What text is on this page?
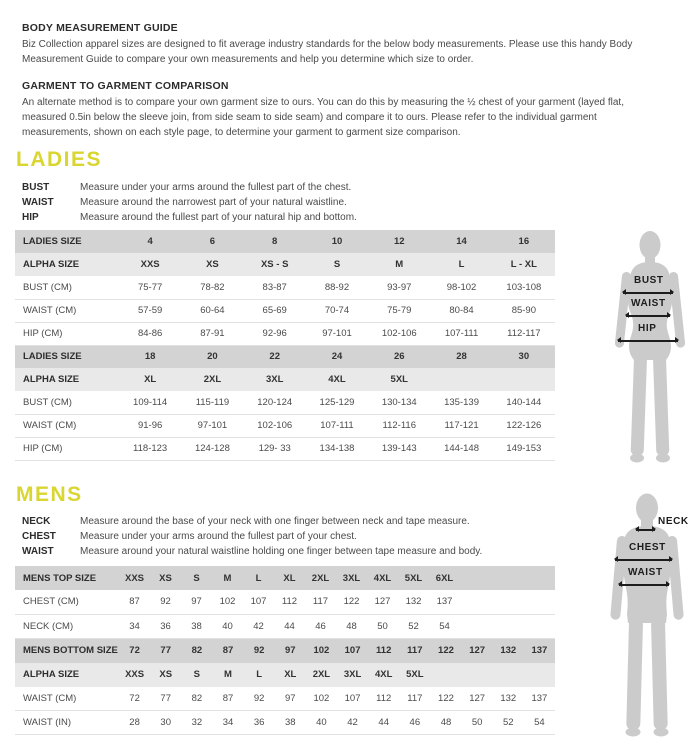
BODY MEASUREMENT GUIDE

Biz Collection apparel sizes are designed to fit average industry standards for the below body measurements. Please use this handy Body Measurement Guide to compare your own measurements and help you determine which size to order.

GARMENT TO GARMENT COMPARISON

An alternate method is to compare your own garment size to ours. You can do this by measuring the ½ chest of your garment (layed flat, measured 0.5in below the sleeve join, from side seam to side seam) and compare it to ours. Please refer to the individual garment measurements, shown on each style page, to determine your garment to garment size comparison.

LADIES
BUST	Measure under your arms around the fullest part of the chest.
WAIST	Measure around the narrowest part of your natural waistline.
HIP	Measure around the fullest part of your natural hip and bottom.
LADIES SIZE	4	6	8	10	12	14	16
ALPHA SIZE	XXS	XS	XS - S	S	M	L	L - XL
BUST (CM)	75-77	78-82	83-87	88-92	93-97	98-102	103-108
WAIST (CM)	57-59	60-64	65-69	70-74	75-79	80-84	85-90
HIP (CM)	84-86	87-91	92-96	97-101	102-106	107-111	112-117
LADIES SIZE	18	20	22	24	26	28	30
ALPHA SIZE	XL	2XL	3XL	4XL	5XL		
BUST (CM)	109-114	115-119	120-124	125-129	130-134	135-139	140-144
WAIST (CM)	91-96	97-101	102-106	107-111	112-116	117-121	122-126
HIP (CM)	118-123	124-128	129- 33	134-138	139-143	144-148	149-153
BUST
WAIST
HIP
MENS
NECK	Measure around the base of your neck with one finger between neck and tape measure.
CHEST	Measure under your arms around the fullest part of your chest.
WAIST	Measure around your natural waistline holding one finger between tape measure and body.
MENS TOP SIZE	XXS	XS	S	M	L	XL	2XL	3XL	4XL	5XL	6XL	
CHEST (CM)	87	92	97	102	107	112	117	122	127	132	137	
NECK (CM)	34	36	38	40	42	44	46	48	50	52	54	
MENS BOTTOM SIZE	72	77	82	87	92	97	102	107	112	117	122	127	132	137
ALPHA SIZE	XXS	XS	S	M	L	XL	2XL	3XL	4XL	5XL				
WAIST (CM)	72	77	82	87	92	97	102	107	112	117	122	127	132	137
WAIST (IN)	28	30	32	34	36	38	40	42	44	46	48	50	52	54
NECK
CHEST
WAIST
